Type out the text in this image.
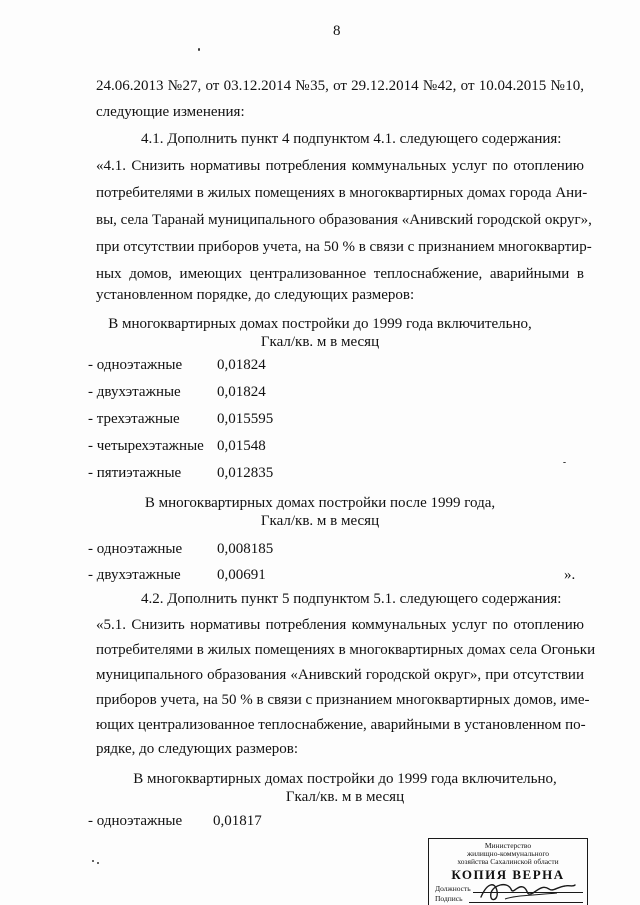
8
24.06.2013 №27, от 03.12.2014 №35, от 29.12.2014 №42, от 10.04.2015 №10,
следующие изменения:
4.1. Дополнить пункт 4 подпунктом 4.1. следующего содержания:
«4.1. Снизить нормативы потребления коммунальных услуг по отоплению
потребителями в жилых помещениях в многоквартирных домах города Ани-
вы, села Таранай муниципального образования «Анивский городской округ»,
при отсутствии приборов учета, на 50 % в связи с признанием многоквартир-
ных домов, имеющих централизованное теплоснабжение, аварийными в
установленном порядке, до следующих размеров:
В многоквартирных домах постройки до 1999 года включительно,
Гкал/кв. м в месяц
- одноэтажные 0,01824
- двухэтажные 0,01824
- трехэтажные 0,015595
- четырехэтажные 0,01548
- пятиэтажные 0,012835
В многоквартирных домах постройки после 1999 года,
Гкал/кв. м в месяц
- одноэтажные 0,008185
- двухэтажные 0,00691	».
4.2. Дополнить пункт 5 подпунктом 5.1. следующего содержания:
«5.1. Снизить нормативы потребления коммунальных услуг по отоплению
потребителями в жилых помещениях в многоквартирных домах села Огоньки
муниципального образования «Анивский городской округ», при отсутствии
приборов учета, на 50 % в связи с признанием многоквартирных домов, име-
ющих централизованное теплоснабжение, аварийными в установленном по-
рядке, до следующих размеров:
В многоквартирных домах постройки до 1999 года включительно,
Гкал/кв. м в месяц
- одноэтажные 0,01817
Министерство
жилищно-коммунального
хозяйства Сахалинской области
КОПИЯ ВЕРНА
Должность
Подпись
